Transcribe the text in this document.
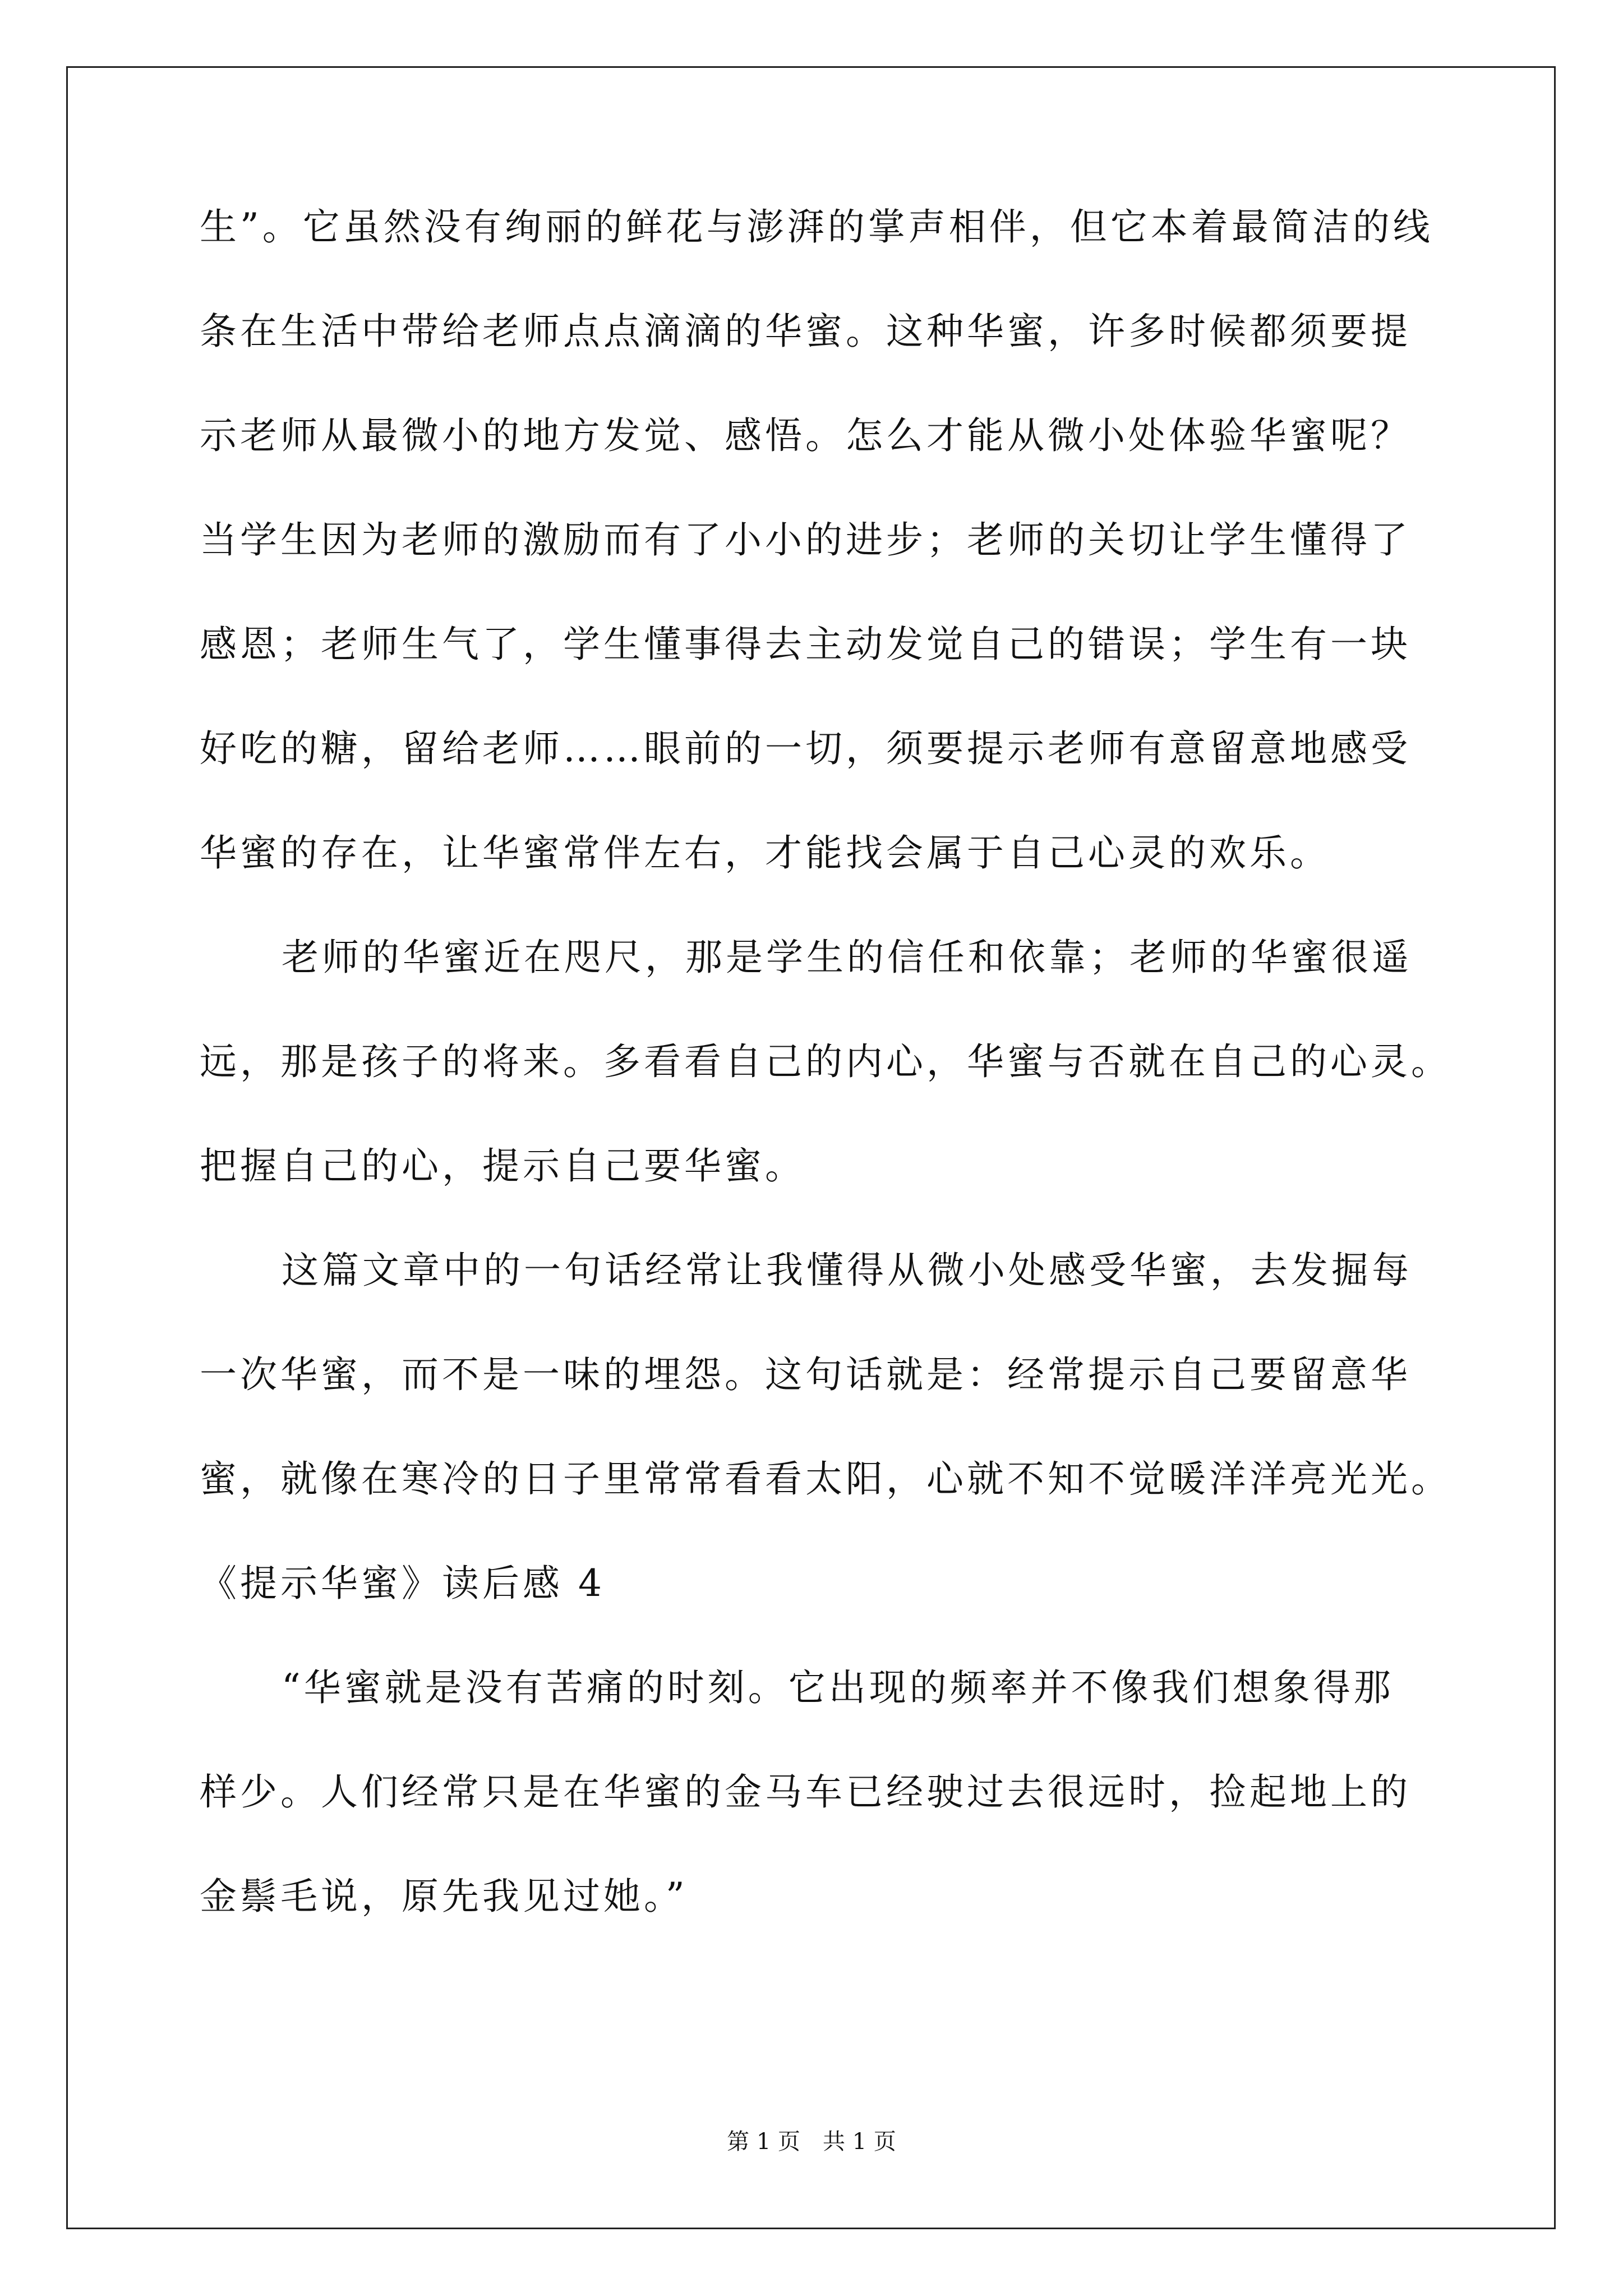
生”。它虽然没有绚丽的鲜花与澎湃的掌声相伴，但它本着最简洁的线
条在生活中带给老师点点滴滴的华蜜。这种华蜜，许多时候都须要提
示老师从最微小的地方发觉、感悟。怎么才能从微小处体验华蜜呢？
当学生因为老师的激励而有了小小的进步；老师的关切让学生懂得了
感恩；老师生气了，学生懂事得去主动发觉自己的错误；学生有一块
好吃的糖，留给老师……眼前的一切，须要提示老师有意留意地感受
华蜜的存在，让华蜜常伴左右，才能找会属于自己心灵的欢乐。
老师的华蜜近在咫尺，那是学生的信任和依靠；老师的华蜜很遥
远，那是孩子的将来。多看看自己的内心，华蜜与否就在自己的心灵。
把握自己的心，提示自己要华蜜。
这篇文章中的一句话经常让我懂得从微小处感受华蜜，去发掘每
一次华蜜，而不是一味的埋怨。这句话就是：经常提示自己要留意华
蜜，就像在寒冷的日子里常常看看太阳，心就不知不觉暖洋洋亮光光。
《提示华蜜》读后感 4
“华蜜就是没有苦痛的时刻。它出现的频率并不像我们想象得那
样少。人们经常只是在华蜜的金马车已经驶过去很远时，捡起地上的
金鬃毛说，原先我见过她。”
第 1 页　共 1 页
